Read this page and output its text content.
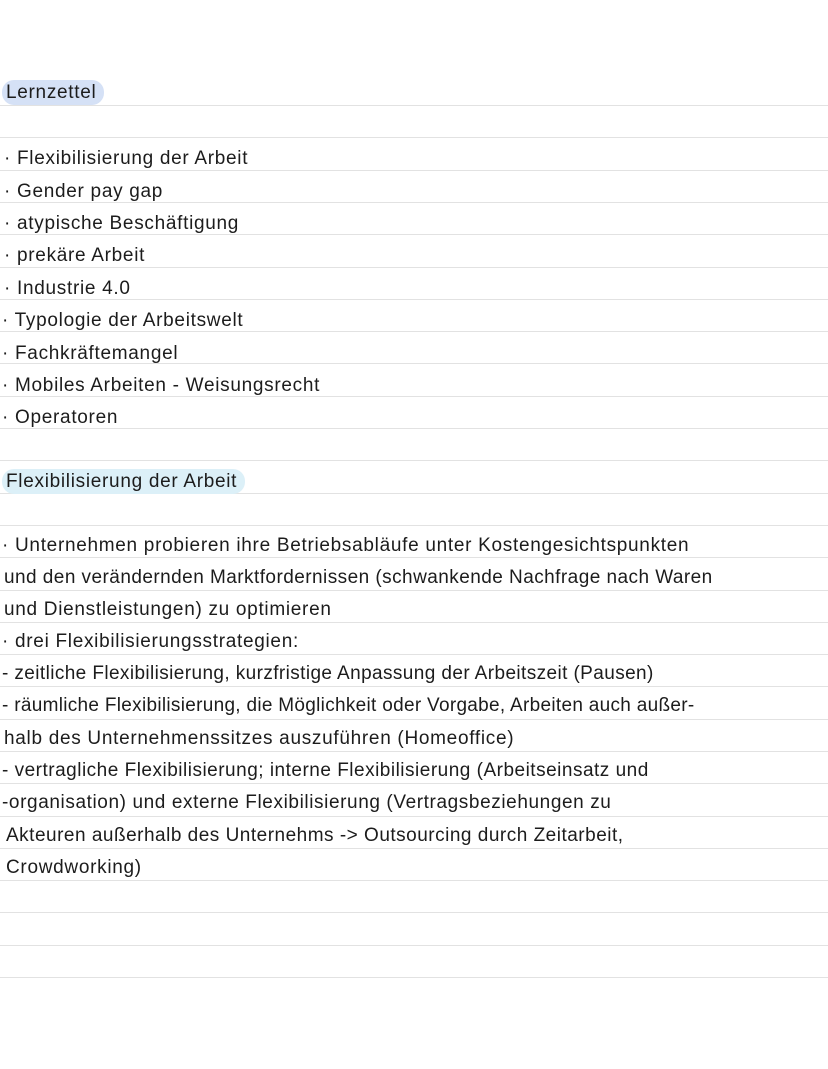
Lernzettel
· Flexibilisierung der Arbeit
· Gender pay gap
· atypische Beschäftigung
· prekäre Arbeit
· Industrie 4.0
· Typologie der Arbeitswelt
· Fachkräftemangel
· Mobiles Arbeiten - Weisungsrecht
· Operatoren
Flexibilisierung der Arbeit
· Unternehmen probieren ihre Betriebsabläufe unter Kostengesichtspunkten
und den verändernden Marktfordernissen (schwankende Nachfrage nach Waren
und Dienstleistungen) zu optimieren
· drei Flexibilisierungsstrategien:
- zeitliche Flexibilisierung, kurzfristige Anpassung der Arbeitszeit (Pausen)
- räumliche Flexibilisierung, die Möglichkeit oder Vorgabe, Arbeiten auch außer-
halb des Unternehmenssitzes auszuführen (Homeoffice)
- vertragliche Flexibilisierung; interne Flexibilisierung (Arbeitseinsatz und
-organisation) und externe Flexibilisierung (Vertragsbeziehungen zu
Akteuren außerhalb des Unternehms -> Outsourcing durch Zeitarbeit,
Crowdworking)
